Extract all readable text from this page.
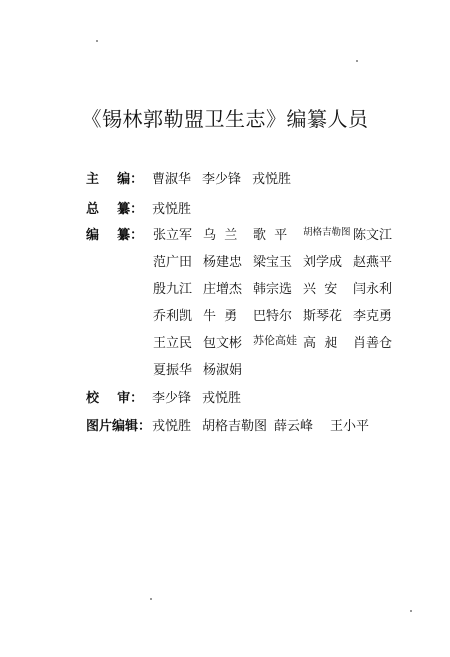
《锡林郭勒盟卫生志》编纂人员
主    编： 曹淑华 李少锋 戎悦胜
总    纂： 戎悦胜
编    纂： 张立军 乌  兰	歌  平	胡格吉勒图 陈文江
范广田 杨建忠 梁宝玉 刘学成 赵燕平
殷九江 庄增杰 韩宗选 兴  安	闫永利
乔利凯 牛  勇	巴特尔 斯琴花 李克勇
王立民 包文彬 苏伦高娃 高  昶	肖善仓
夏振华 杨淑娟
校    审： 李少锋 戎悦胜
图片编辑： 戎悦胜 胡格吉勒图 薛云峰	王小平
